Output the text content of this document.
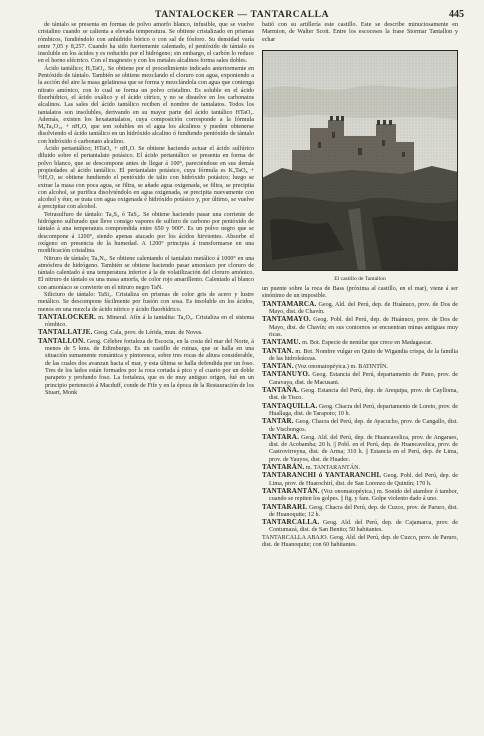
TANTALOCKER — TANTARCALLA	445

de tántalo se presenta en formas de polvo amorfo blanco, infusible, que se vuelve cristalino cuando se calienta a elevada temperatura. Se obtiene cristalizado en prismas rómbicos, fundiéndolo con anhídrido bórico o con sal de fósforo. Su densidad varía entre 7,05 y 8,257. Cuando ha sido fuertemente calentado, el pentóxido de tántalo es insoluble en los ácidos y es reducido por el hidrógeno; sin embargo, el carbón lo reduce en el horno eléctrico. Con el magnesio y con los metales alcalinos forma sales dobles.

Ácido tantálico; H₃TaO₄. Se obtiene por el procedimiento indicado anteriormente en Pentóxido de tántalo. También se obtiene mezclando el cloruro con agua, exponiendo a la acción del aire la masa gelatinosa que se forma y mezclándola con agua que contenga nitrato amónico, con lo cual se forma un polvo cristalino. Es soluble en el ácido fluorhídrico, el ácido oxálico y el ácido cítrico, y no se disuelve en los carbonatos alcalinos. Las sales del ácido tantálico reciben el nombre de tantalatos. Todos los tantalatos son insolubles, derivando en su mayor parte del ácido tantálico HTaO₃. Además, existen los hexatantalatos, cuya composición corresponde a la fórmula M₈Ta₆O₁₉ + nH₂O, que son solubles en el agua los alcalinos y pueden obtenerse disolviendo el ácido tantálico en un hidróxido alcalino ó fundiendo pentóxido de tántalo con hidróxido ó carbonato alcalino.

Ácido pertantálico; HTaO₄ + nH₂O. Se obtiene haciendo actuar el ácido sulfúrico diluido sobre el pertantalato potásico. El ácido pertantálico se presenta en forma de polvo blanco, que se descompone antes de llegar á 100°, pareciéndose en sus demás propiedades al ácido tantálico. El pertantalato potásico, cuya fórmula es K₃TaO₈ + ½H₂O, se obtiene fundiendo el pentóxido de talio con hidróxido potásico; luego se extrae la masa con poca agua, se filtra, se añade agua oxigenada, se filtra, se precipita con alcohol, se purifica disolviéndolo en agua oxigenada, se precipita nuevamente con alcohol y éter, se trata con agua oxigenada é hidróxido potásico y, por último, se vuelve á precipitar con alcohol.

Tetrasulfuro de tántalo: Ta₂S₄ ó TaS₂. Se obtiene haciendo pasar una corriente de hidrógeno sulfurado que lleve consigo vapores de sulfuro de carbono por pentóxido de tántalo á una temperatura comprendida entre 650 y 900°. Es un polvo negro que se descompone á 1200°, siendo apenas atacado por los ácidos hirvientes. Absorbe el oxígeno en presencia de la humedad. A 1200° principia á transformarse en una modificación cristalina.

Nitruro de tántalo; Ta₃N₅. Se obtiene calentando el tantalato metálico á 1000° en una atmósfera de hidrógeno. También se obtiene haciendo pasar amoníaco por cloruro de tántalo calentado á una temperatura inferior á la de volatilización del cloruro amónico. El nitruro de tántalo es una masa amorfa, de color rojo amarillento. Calentado al blanco con amoníaco se convierte en el nitruro negro TaN.

Siliciuro de tántalo: TaSi₂. Cristaliza en prismas de color gris de acero y lustre metálico. Se descompone fácilmente por fusión con sosa. Es insoluble en los ácidos, menos en una mezcla de ácido nítrico y ácido fluorhídrico.

TANTALOCKER. m. Mineral. Afín á la tantalita: Ta₂O₅. Cristaliza en el sistema rómbico.

TANTALLATJE. Geog. Cala, prov. de Lérida, mun. de Noves.

TANTALLON. Geog. Célebre fortaleza de Escocia, en la costa del mar del Norte, á menos de 5 kms. de Edimburgo. Es un castillo de ruinas, que se halla en una situación sumamente romántica y pintoresca, sobre tres rocas de altura considerable, de las cuales dos avanzan hacia el mar, y esta última se halla defendida por un foso. Tres de los lados están formados por la roca cortada á pico y el cuarto por un doble parapeto y profundo foso. La fortaleza, que es de muy antiguo origen, fué en un principio perteneció á Macduff, conde de Fife y en la época de la Restauración de los Stuart, Monk

batió con su artillería este castillo. Este se describe minuciosamente en Marmion, de Walter Scott. Entre los escoceses la frase Stormar Tantallon y echar

El castillo de Tantallon

un puente sobre la roca de Bass (próxima al castillo, en el mar), viene á ser sinónimo de un imposible.

TANTAMARCA. Geog. Ald. del Perú, dep. de Huánuco, prov. de Dos de Mayo, dist. de Chavín.

TANTAMAYO. Geog. Pobl. del Perú, dep. de Huánuco, prov. de Dos de Mayo, dist. de Chavín; en sus contornos se encuentran minas antiguas muy ricas.

TANTAMU. m. Bot. Especie de nenúfar que crece en Madagascar.

TANTAN. m. Bot. Nombre vulgar en Quito de Wigandia crispa, de la familia de las hidroleáceas.

TANTAN. (Voz onomatopéyica.) m. BATINTÍN.

TANTANUYO. Geog. Estancia del Perú, departamento de Puno, prov. de Caravaya, dist. de Macusani.

TANTAÑA. Geog. Estancia del Perú, dep. de Arequipa, prov. de Caylloma, dist. de Tisco.

TANTAQUILLA. Geog. Chacra del Perú, departamento de Loreto, prov. de Huallaga, dist. de Tarapoto; 10 h.

TANTAR. Geog. Chacra del Perú, dep. de Ayacucho, prov. de Cangallo, dist. de Vischongos.

TANTARA. Geog. Ald. del Perú, dep. de Huancavelica, prov. de Angaraes, dist. de Acobamba; 20 h. || Pobl. en el Perú, dep. de Huancavelica, prov. de Castrovirreyna, dist. de Arma; 310 h. || Estancia en el Perú, dep. de Lima, prov. de Yauyos, dist. de Huadec.

TANTARÁN. m. TANTARANTÁN.

TANTARANCHI ó YANTARANCHI. Geog. Pobl. del Perú, dep. de Lima, prov. de Huarochirí, dist. de San Lorenzo de Quintín; 170 h.

TANTARANTÁN. (Voz onomatopéyica.) m. Sonido del atambor ó tambor, cuando se repiten los golpes. || fig. y fam. Golpe violento dado á uno.

TANTARARI. Geog. Chacra del Perú, dep. de Cuzco, prov. de Paruro, dist. de Huanoquite; 12 h.

TANTARCALLA. Geog. Ald. del Perú, dep. de Cajamarca, prov. de Contumazá, dist. de San Benito; 50 habitantes.

TANTARCALLA ABAJO. Geog. Ald. del Perú, dep. de Cuzco, prov. de Paruro, dist. de Huanoquite; con 60 habitantes.
